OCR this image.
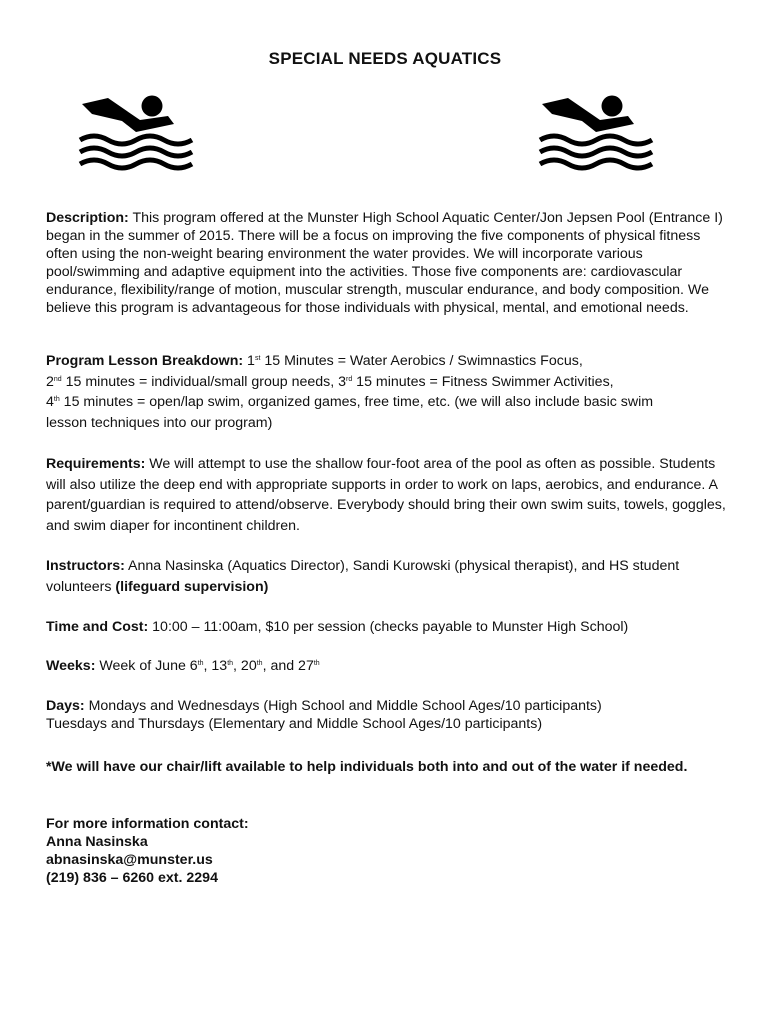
SPECIAL NEEDS AQUATICS
Description: This program offered at the Munster High School Aquatic Center/Jon Jepsen Pool (Entrance I) began in the summer of 2015. There will be a focus on improving the five components of physical fitness often using the non-weight bearing environment the water provides. We will incorporate various pool/swimming and adaptive equipment into the activities. Those five components are: cardiovascular endurance, flexibility/range of motion, muscular strength, muscular endurance, and body composition. We believe this program is advantageous for those individuals with physical, mental, and emotional needs.
Program Lesson Breakdown: 1st 15 Minutes = Water Aerobics / Swimnastics Focus,
2nd 15 minutes = individual/small group needs, 3rd 15 minutes = Fitness Swimmer Activities,
4th 15 minutes = open/lap swim, organized games, free time, etc. (we will also include basic swim
lesson techniques into our program)
Requirements: We will attempt to use the shallow four-foot area of the pool as often as possible. Students will also utilize the deep end with appropriate supports in order to work on laps, aerobics, and endurance. A parent/guardian is required to attend/observe. Everybody should bring their own swim suits, towels, goggles, and swim diaper for incontinent children.
Instructors: Anna Nasinska (Aquatics Director), Sandi Kurowski (physical therapist), and HS student volunteers (lifeguard supervision)
Time and Cost: 10:00 – 11:00am, $10 per session (checks payable to Munster High School)
Weeks: Week of June 6th, 13th, 20th, and 27th
Days: Mondays and Wednesdays (High School and Middle School Ages/10 participants)
Tuesdays and Thursdays (Elementary and Middle School Ages/10 participants)
*We will have our chair/lift available to help individuals both into and out of the water if needed.
For more information contact:
Anna Nasinska
abnasinska@munster.us
(219) 836 – 6260 ext. 2294
